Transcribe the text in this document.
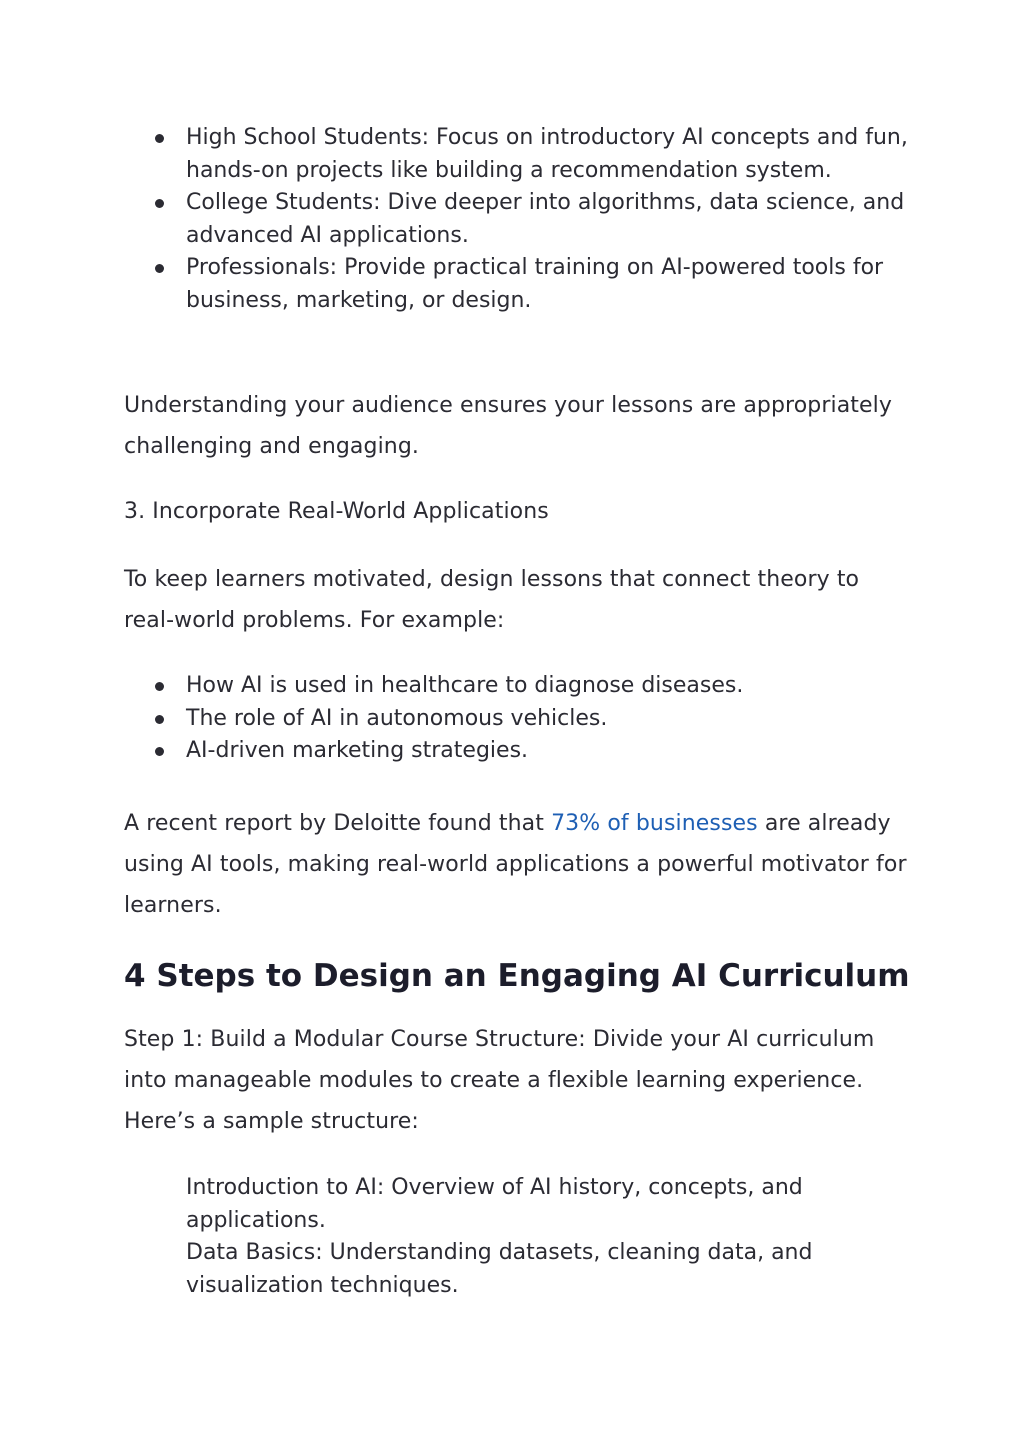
High School Students: Focus on introductory AI concepts and fun, hands-on projects like building a recommendation system.
College Students: Dive deeper into algorithms, data science, and advanced AI applications.
Professionals: Provide practical training on AI-powered tools for business, marketing, or design.

Understanding your audience ensures your lessons are appropriately challenging and engaging.

3. Incorporate Real-World Applications

To keep learners motivated, design lessons that connect theory to real-world problems. For example:

How AI is used in healthcare to diagnose diseases.
The role of AI in autonomous vehicles.
AI-driven marketing strategies.

A recent report by Deloitte found that 73% of businesses are already using AI tools, making real-world applications a powerful motivator for learners.

4 Steps to Design an Engaging AI Curriculum

Step 1: Build a Modular Course Structure: Divide your AI curriculum into manageable modules to create a flexible learning experience. Here’s a sample structure:

Introduction to AI: Overview of AI history, concepts, and applications.
Data Basics: Understanding datasets, cleaning data, and visualization techniques.
